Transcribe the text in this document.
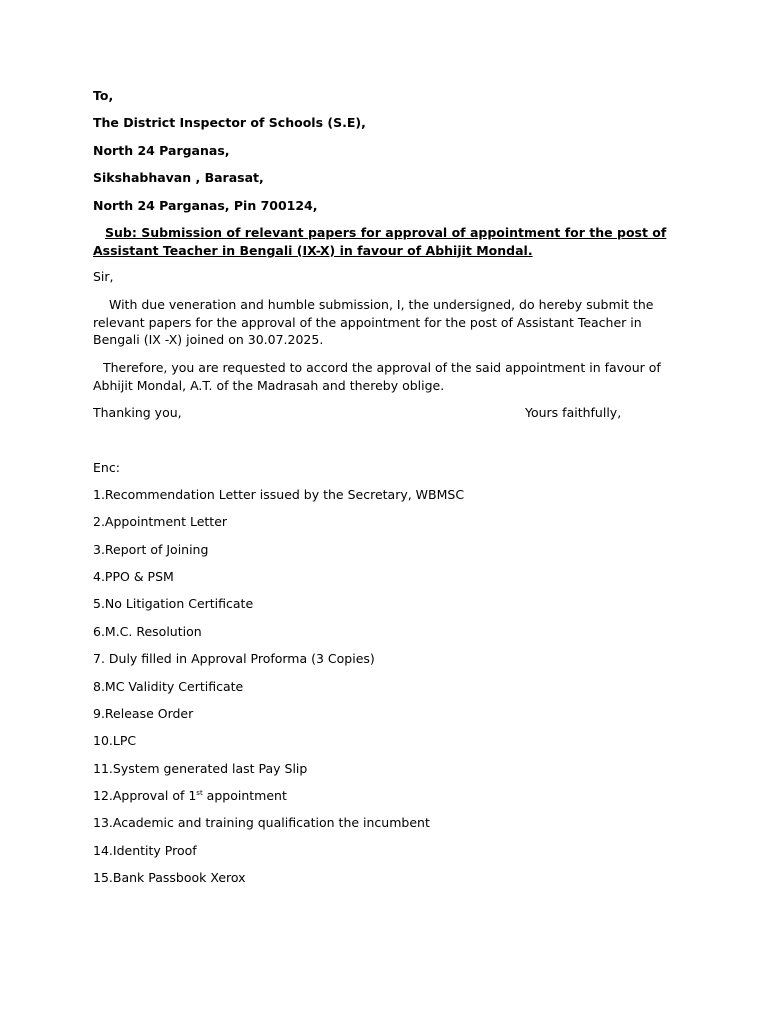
To,
The District Inspector of Schools (S.E),
North 24 Parganas,
Sikshabhavan , Barasat,
North 24 Parganas, Pin 700124,
Sub: Submission of relevant papers for approval of appointment for the post of Assistant Teacher in Bengali (IX-X) in favour of Abhijit Mondal.
Sir,
With due veneration and humble submission, I, the undersigned, do hereby submit the relevant papers for the approval of the appointment for the post of Assistant Teacher in Bengali (IX -X) joined on 30.07.2025.
Therefore, you are requested to accord the approval of the said appointment in favour of Abhijit Mondal, A.T. of the Madrasah and thereby oblige.
Thanking you,	Yours faithfully,
Enc:
1.Recommendation Letter issued by the Secretary, WBMSC
2.Appointment Letter
3.Report of Joining
4.PPO & PSM
5.No Litigation Certificate
6.M.C. Resolution
7. Duly filled in Approval Proforma (3 Copies)
8.MC Validity Certificate
9.Release Order
10.LPC
11.System generated last Pay Slip
12.Approval of 1st appointment
13.Academic and training qualification the incumbent
14.Identity Proof
15.Bank Passbook Xerox
